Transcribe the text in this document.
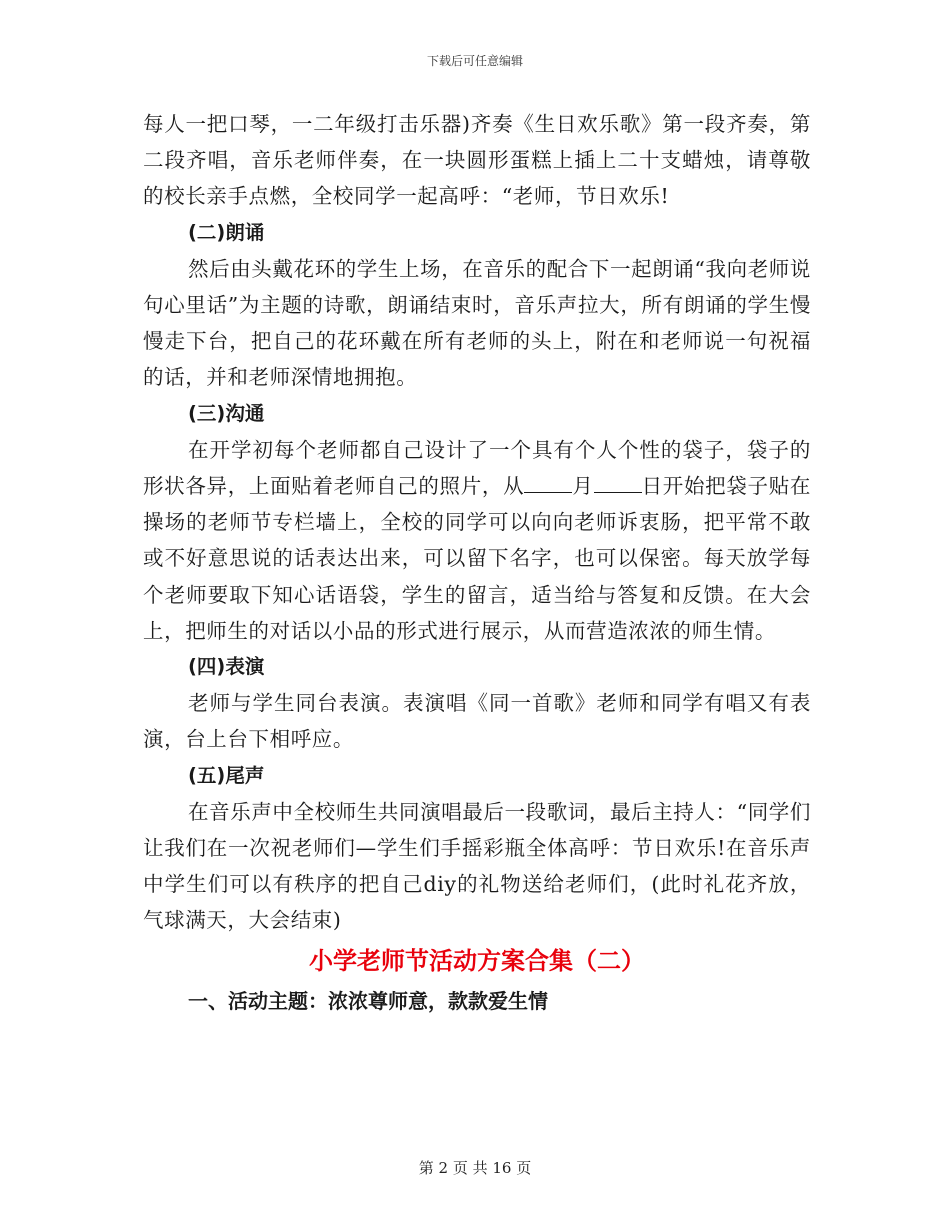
下载后可任意编辑

每人一把口琴，一二年级打击乐器)齐奏《生日欢乐歌》第一段齐奏，第二段齐唱，音乐老师伴奏，在一块圆形蛋糕上插上二十支蜡烛，请尊敬的校长亲手点燃，全校同学一起高呼：“老师，节日欢乐!

(二)朗诵

然后由头戴花环的学生上场，在音乐的配合下一起朗诵“我向老师说句心里话”为主题的诗歌，朗诵结束时，音乐声拉大，所有朗诵的学生慢慢走下台，把自己的花环戴在所有老师的头上，附在和老师说一句祝福的话，并和老师深情地拥抱。

(三)沟通

在开学初每个老师都自己设计了一个具有个人个性的袋子，袋子的形状各异，上面贴着老师自己的照片，从 月 日开始把袋子贴在操场的老师节专栏墙上，全校的同学可以向向老师诉衷肠，把平常不敢或不好意思说的话表达出来，可以留下名字，也可以保密。每天放学每个老师要取下知心话语袋，学生的留言，适当给与答复和反馈。在大会上，把师生的对话以小品的形式进行展示，从而营造浓浓的师生情。

(四)表演

老师与学生同台表演。表演唱《同一首歌》老师和同学有唱又有表演，台上台下相呼应。

(五)尾声

在音乐声中全校师生共同演唱最后一段歌词，最后主持人：“同学们让我们在一次祝老师们—学生们手摇彩瓶全体高呼：节日欢乐!在音乐声中学生们可以有秩序的把自己diy的礼物送给老师们，(此时礼花齐放，气球满天，大会结束)

小学老师节活动方案合集（二）

一、活动主题：浓浓尊师意，款款爱生情

第 2 页 共 16 页
